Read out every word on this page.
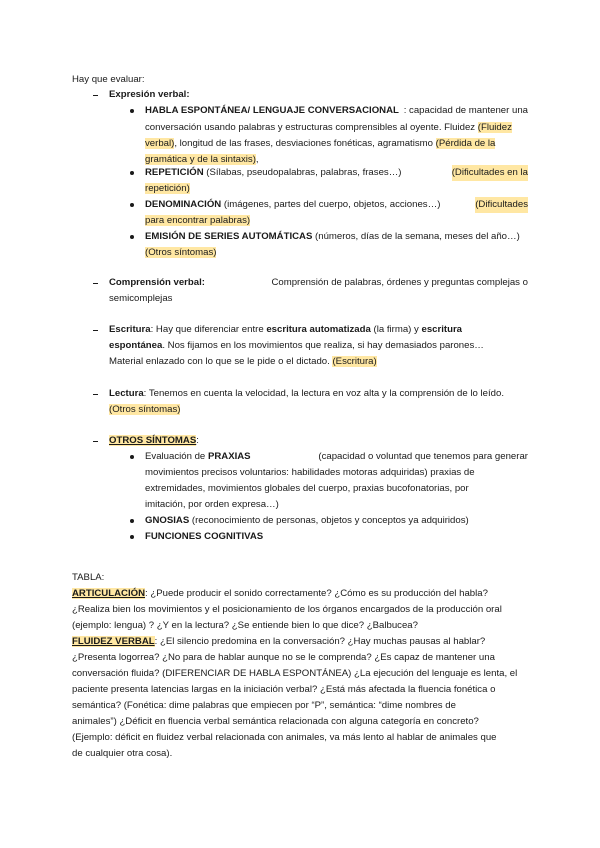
Hay que evaluar:
Expresión verbal:
HABLA ESPONTÁNEA/ LENGUAJE CONVERSACIONAL : capacidad de mantener una
conversación usando palabras y estructuras comprensibles al oyente. Fluidez (Fluidez
verbal), longitud de las frases, desviaciones fonéticas, agramatismo (Pérdida de la
gramática y de la sintaxis),
REPETICIÓN (Sílabas, pseudopalabras, palabras, frases…)	(Dificultades en la
repetición)
DENOMINACIÓN (imágenes, partes del cuerpo, objetos, acciones…)	(Dificultades
para encontrar palabras)
EMISIÓN DE SERIES AUTOMÁTICAS (números, días de la semana, meses del año…)
(Otros síntomas)
Comprensión verbal:	Comprensión de palabras, órdenes y preguntas complejas o
semicomplejas
Escritura: Hay que diferenciar entre escritura automatizada (la firma) y escritura
espontánea. Nos fijamos en los movimientos que realiza, si hay demasiados parones…
Material enlazado con lo que se le pide o el dictado. (Escritura)
Lectura: Tenemos en cuenta la velocidad, la lectura en voz alta y la comprensión de lo leído.
(Otros síntomas)
OTROS SÍNTOMAS:
Evaluación de PRAXIAS	(capacidad o voluntad que tenemos para generar
movimientos precisos voluntarios: habilidades motoras adquiridas) praxias de
extremidades, movimientos globales del cuerpo, praxias bucofonatorias, por
imitación, por orden expresa…)
GNOSIAS (reconocimiento de personas, objetos y conceptos ya adquiridos)
FUNCIONES COGNITIVAS
TABLA:
ARTICULACIÓN: ¿Puede producir el sonido correctamente? ¿Cómo es su producción del habla?
¿Realiza bien los movimientos y el posicionamiento de los órganos encargados de la producción oral
(ejemplo: lengua) ? ¿Y en la lectura? ¿Se entiende bien lo que dice? ¿Balbucea?
FLUIDEZ VERBAL: ¿El silencio predomina en la conversación? ¿Hay muchas pausas al hablar?
¿Presenta logorrea? ¿No para de hablar aunque no se le comprenda? ¿Es capaz de mantener una
conversación fluida? (DIFERENCIAR DE HABLA ESPONTÁNEA) ¿La ejecución del lenguaje es lenta, el
paciente presenta latencias largas en la iniciación verbal? ¿Está más afectada la fluencia fonética o
semántica? (Fonética: dime palabras que empiecen por “P”, semántica: “dime nombres de
animales”) ¿Déficit en fluencia verbal semántica relacionada con alguna categoría en concreto?
(Ejemplo: déficit en fluidez verbal relacionada con animales, va más lento al hablar de animales que
de cualquier otra cosa).
